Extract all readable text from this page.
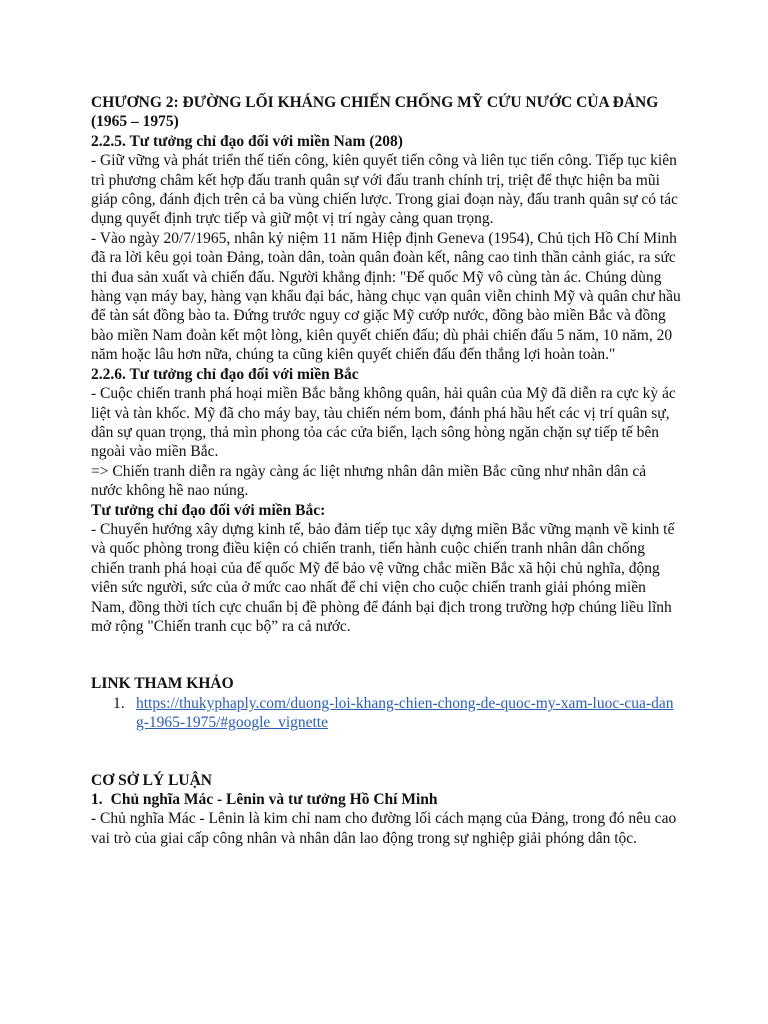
CHƯƠNG 2: ĐƯỜNG LỐI KHÁNG CHIẾN CHỐNG MỸ CỨU NƯỚC CỦA ĐẢNG (1965 – 1975)

2.2.5. Tư tưởng chỉ đạo đối với miền Nam (208)

- Giữ vững và phát triển thế tiến công, kiên quyết tiến công và liên tục tiến công. Tiếp tục kiên trì phương châm kết hợp đấu tranh quân sự với đấu tranh chính trị, triệt để thực hiện ba mũi giáp công, đánh địch trên cả ba vùng chiến lược. Trong giai đoạn này, đấu tranh quân sự có tác dụng quyết định trực tiếp và giữ một vị trí ngày càng quan trọng.

- Vào ngày 20/7/1965, nhân kỷ niệm 11 năm Hiệp định Geneva (1954), Chủ tịch Hồ Chí Minh đã ra lời kêu gọi toàn Đảng, toàn dân, toàn quân đoàn kết, nâng cao tinh thần cảnh giác, ra sức thi đua sản xuất và chiến đấu. Người khẳng định: "Đế quốc Mỹ vô cùng tàn ác. Chúng dùng hàng vạn máy bay, hàng vạn khẩu đại bác, hàng chục vạn quân viễn chinh Mỹ và quân chư hầu để tàn sát đồng bào ta. Đứng trước nguy cơ giặc Mỹ cướp nước, đồng bào miền Bắc và đồng bào miền Nam đoàn kết một lòng, kiên quyết chiến đấu; dù phải chiến đấu 5 năm, 10 năm, 20 năm hoặc lâu hơn nữa, chúng ta cũng kiên quyết chiến đấu đến thắng lợi hoàn toàn."

2.2.6. Tư tưởng chỉ đạo đối với miền Bắc

- Cuộc chiến tranh phá hoại miền Bắc bằng không quân, hải quân của Mỹ đã diễn ra cực kỳ ác liệt và tàn khốc. Mỹ đã cho máy bay, tàu chiến ném bom, đánh phá hầu hết các vị trí quân sự, dân sự quan trọng, thả mìn phong tỏa các cửa biển, lạch sông hòng ngăn chặn sự tiếp tế bên ngoài vào miền Bắc.

=> Chiến tranh diễn ra ngày càng ác liệt nhưng nhân dân miền Bắc cũng như nhân dân cả nước không hề nao núng.

Tư tưởng chỉ đạo đối với miền Bắc:

- Chuyển hướng xây dựng kinh tế, bảo đảm tiếp tục xây dựng miền Bắc vững mạnh về kinh tế và quốc phòng trong điều kiện có chiến tranh, tiến hành cuộc chiến tranh nhân dân chống chiến tranh phá hoại của đế quốc Mỹ để bảo vệ vững chắc miền Bắc xã hội chủ nghĩa, động viên sức người, sức của ở mức cao nhất để chi viện cho cuộc chiến tranh giải phóng miền Nam, đồng thời tích cực chuẩn bị đề phòng để đánh bại địch trong trường hợp chúng liều lĩnh mở rộng "Chiến tranh cục bộ” ra cả nước.

LINK THAM KHẢO

1. https://thukyphaply.com/duong-loi-khang-chien-chong-de-quoc-my-xam-luoc-cua-dang-1965-1975/#google_vignette

CƠ SỞ LÝ LUẬN

1. Chủ nghĩa Mác - Lênin và tư tưởng Hồ Chí Minh

- Chủ nghĩa Mác - Lênin là kim chỉ nam cho đường lối cách mạng của Đảng, trong đó nêu cao vai trò của giai cấp công nhân và nhân dân lao động trong sự nghiệp giải phóng dân tộc.
